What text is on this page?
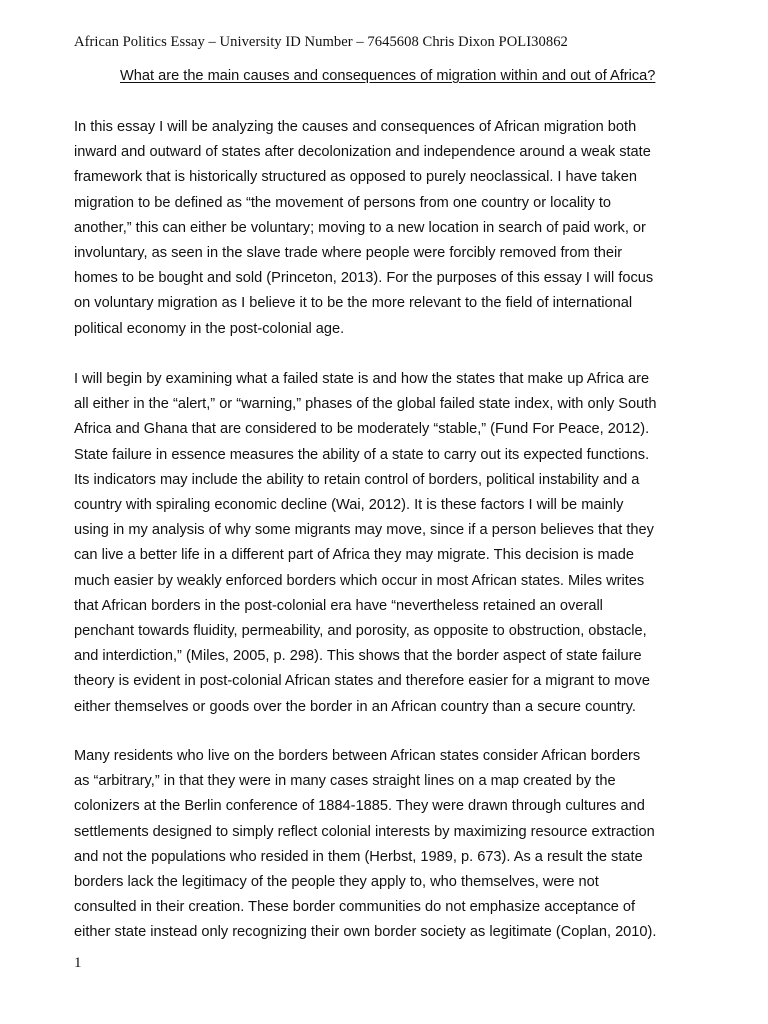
African Politics Essay – University ID Number – 7645608 Chris Dixon POLI30862
What are the main causes and consequences of migration within and out of Africa?
In this essay I will be analyzing the causes and consequences of African migration both
inward and outward of states after decolonization and independence around a weak state
framework that is historically structured as opposed to purely neoclassical. I have taken
migration to be defined as “the movement of persons from one country or locality to
another,” this can either be voluntary; moving to a new location in search of paid work, or
involuntary, as seen in the slave trade where people were forcibly removed from their
homes to be bought and sold (Princeton, 2013). For the purposes of this essay I will focus
on voluntary migration as I believe it to be the more relevant to the field of international
political economy in the post-colonial age.
I will begin by examining what a failed state is and how the states that make up Africa are
all either in the “alert,” or “warning,” phases of the global failed state index, with only South
Africa and Ghana that are considered to be moderately “stable,” (Fund For Peace, 2012).
State failure in essence measures the ability of a state to carry out its expected functions.
Its indicators may include the ability to retain control of borders, political instability and a
country with spiraling economic decline (Wai, 2012). It is these factors I will be mainly
using in my analysis of why some migrants may move, since if a person believes that they
can live a better life in a different part of Africa they may migrate. This decision is made
much easier by weakly enforced borders which occur in most African states. Miles writes
that African borders in the post-colonial era have “nevertheless retained an overall
penchant towards fluidity, permeability, and porosity, as opposite to obstruction, obstacle,
and interdiction,” (Miles, 2005, p. 298). This shows that the border aspect of state failure
theory is evident in post-colonial African states and therefore easier for a migrant to move
either themselves or goods over the border in an African country than a secure country.
Many residents who live on the borders between African states consider African borders
as “arbitrary,” in that they were in many cases straight lines on a map created by the
colonizers at the Berlin conference of 1884-1885. They were drawn through cultures and
settlements designed to simply reflect colonial interests by maximizing resource extraction
and not the populations who resided in them (Herbst, 1989, p. 673). As a result the state
borders lack the legitimacy of the people they apply to, who themselves, were not
consulted in their creation. These border communities do not emphasize acceptance of
either state instead only recognizing their own border society as legitimate (Coplan, 2010).
1
